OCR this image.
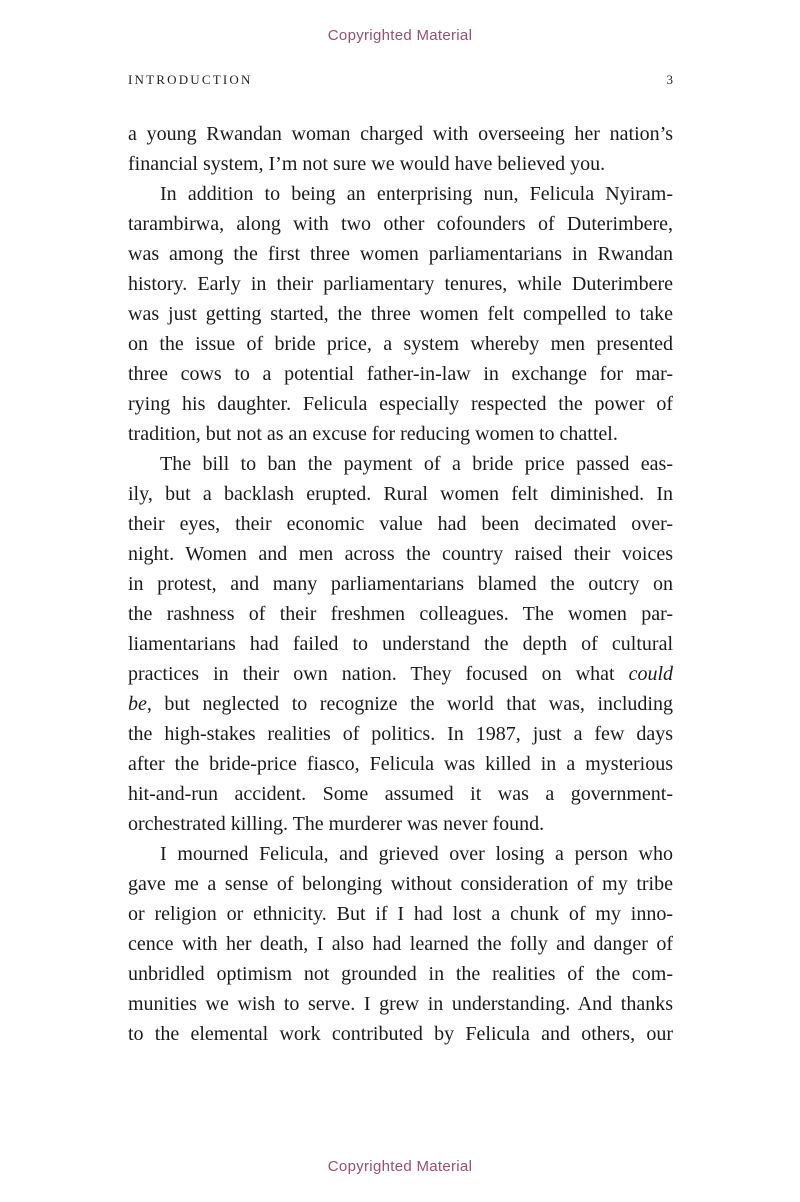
Copyrighted Material
INTRODUCTION	3
a young Rwandan woman charged with overseeing her nation’s
financial system, I’m not sure we would have believed you.
In addition to being an enterprising nun, Felicula Nyiram-
tarambirwa, along with two other cofounders of Duterimbere,
was among the first three women parliamentarians in Rwandan
history. Early in their parliamentary tenures, while Duterimbere
was just getting started, the three women felt compelled to take
on the issue of bride price, a system whereby men presented
three cows to a potential father-in-law in exchange for mar-
rying his daughter. Felicula especially respected the power of
tradition, but not as an excuse for reducing women to chattel.
The bill to ban the payment of a bride price passed eas-
ily, but a backlash erupted. Rural women felt diminished. In
their eyes, their economic value had been decimated over-
night. Women and men across the country raised their voices
in protest, and many parliamentarians blamed the outcry on
the rashness of their freshmen colleagues. The women par-
liamentarians had failed to understand the depth of cultural
practices in their own nation. They focused on what could
be, but neglected to recognize the world that was, including
the high-stakes realities of politics. In 1987, just a few days
after the bride-price fiasco, Felicula was killed in a mysterious
hit-and-run accident. Some assumed it was a government-
orchestrated killing. The murderer was never found.
I mourned Felicula, and grieved over losing a person who
gave me a sense of belonging without consideration of my tribe
or religion or ethnicity. But if I had lost a chunk of my inno-
cence with her death, I also had learned the folly and danger of
unbridled optimism not grounded in the realities of the com-
munities we wish to serve. I grew in understanding. And thanks
to the elemental work contributed by Felicula and others, our
Copyrighted Material
